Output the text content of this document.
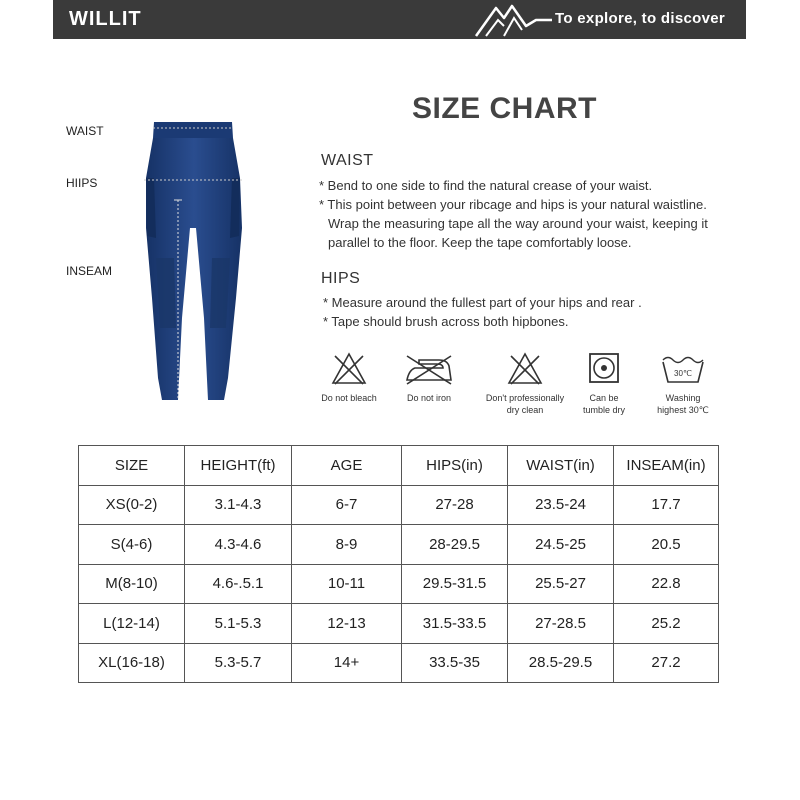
WILLIT	To explore, to discover
WAIST
HIIPS
INSEAM
SIZE CHART
WAIST
* Bend to one side to find the natural crease of your waist.
* This point between your ribcage and hips is your natural waistline.
Wrap the measuring tape all the way around your waist, keeping it
parallel to the floor. Keep the tape comfortably loose.
HIPS
* Measure around the fullest part of your hips and rear .
* Tape should brush across both hipbones.
Do not bleach	Do not iron	Don't professionally
dry clean
Can be
tumble dry
30℃
Washing
highest 30℃
SIZE	HEIGHT(ft)	AGE	HIPS(in)	WAIST(in)	INSEAM(in)
XS(0-2)	3.1-4.3	6-7	27-28	23.5-24	17.7
S(4-6)	4.3-4.6	8-9	28-29.5	24.5-25	20.5
M(8-10)	4.6-.5.1	10-11	29.5-31.5	25.5-27	22.8
L(12-14)	5.1-5.3	12-13	31.5-33.5	27-28.5	25.2
XL(16-18)	5.3-5.7	14+	33.5-35	28.5-29.5	27.2
